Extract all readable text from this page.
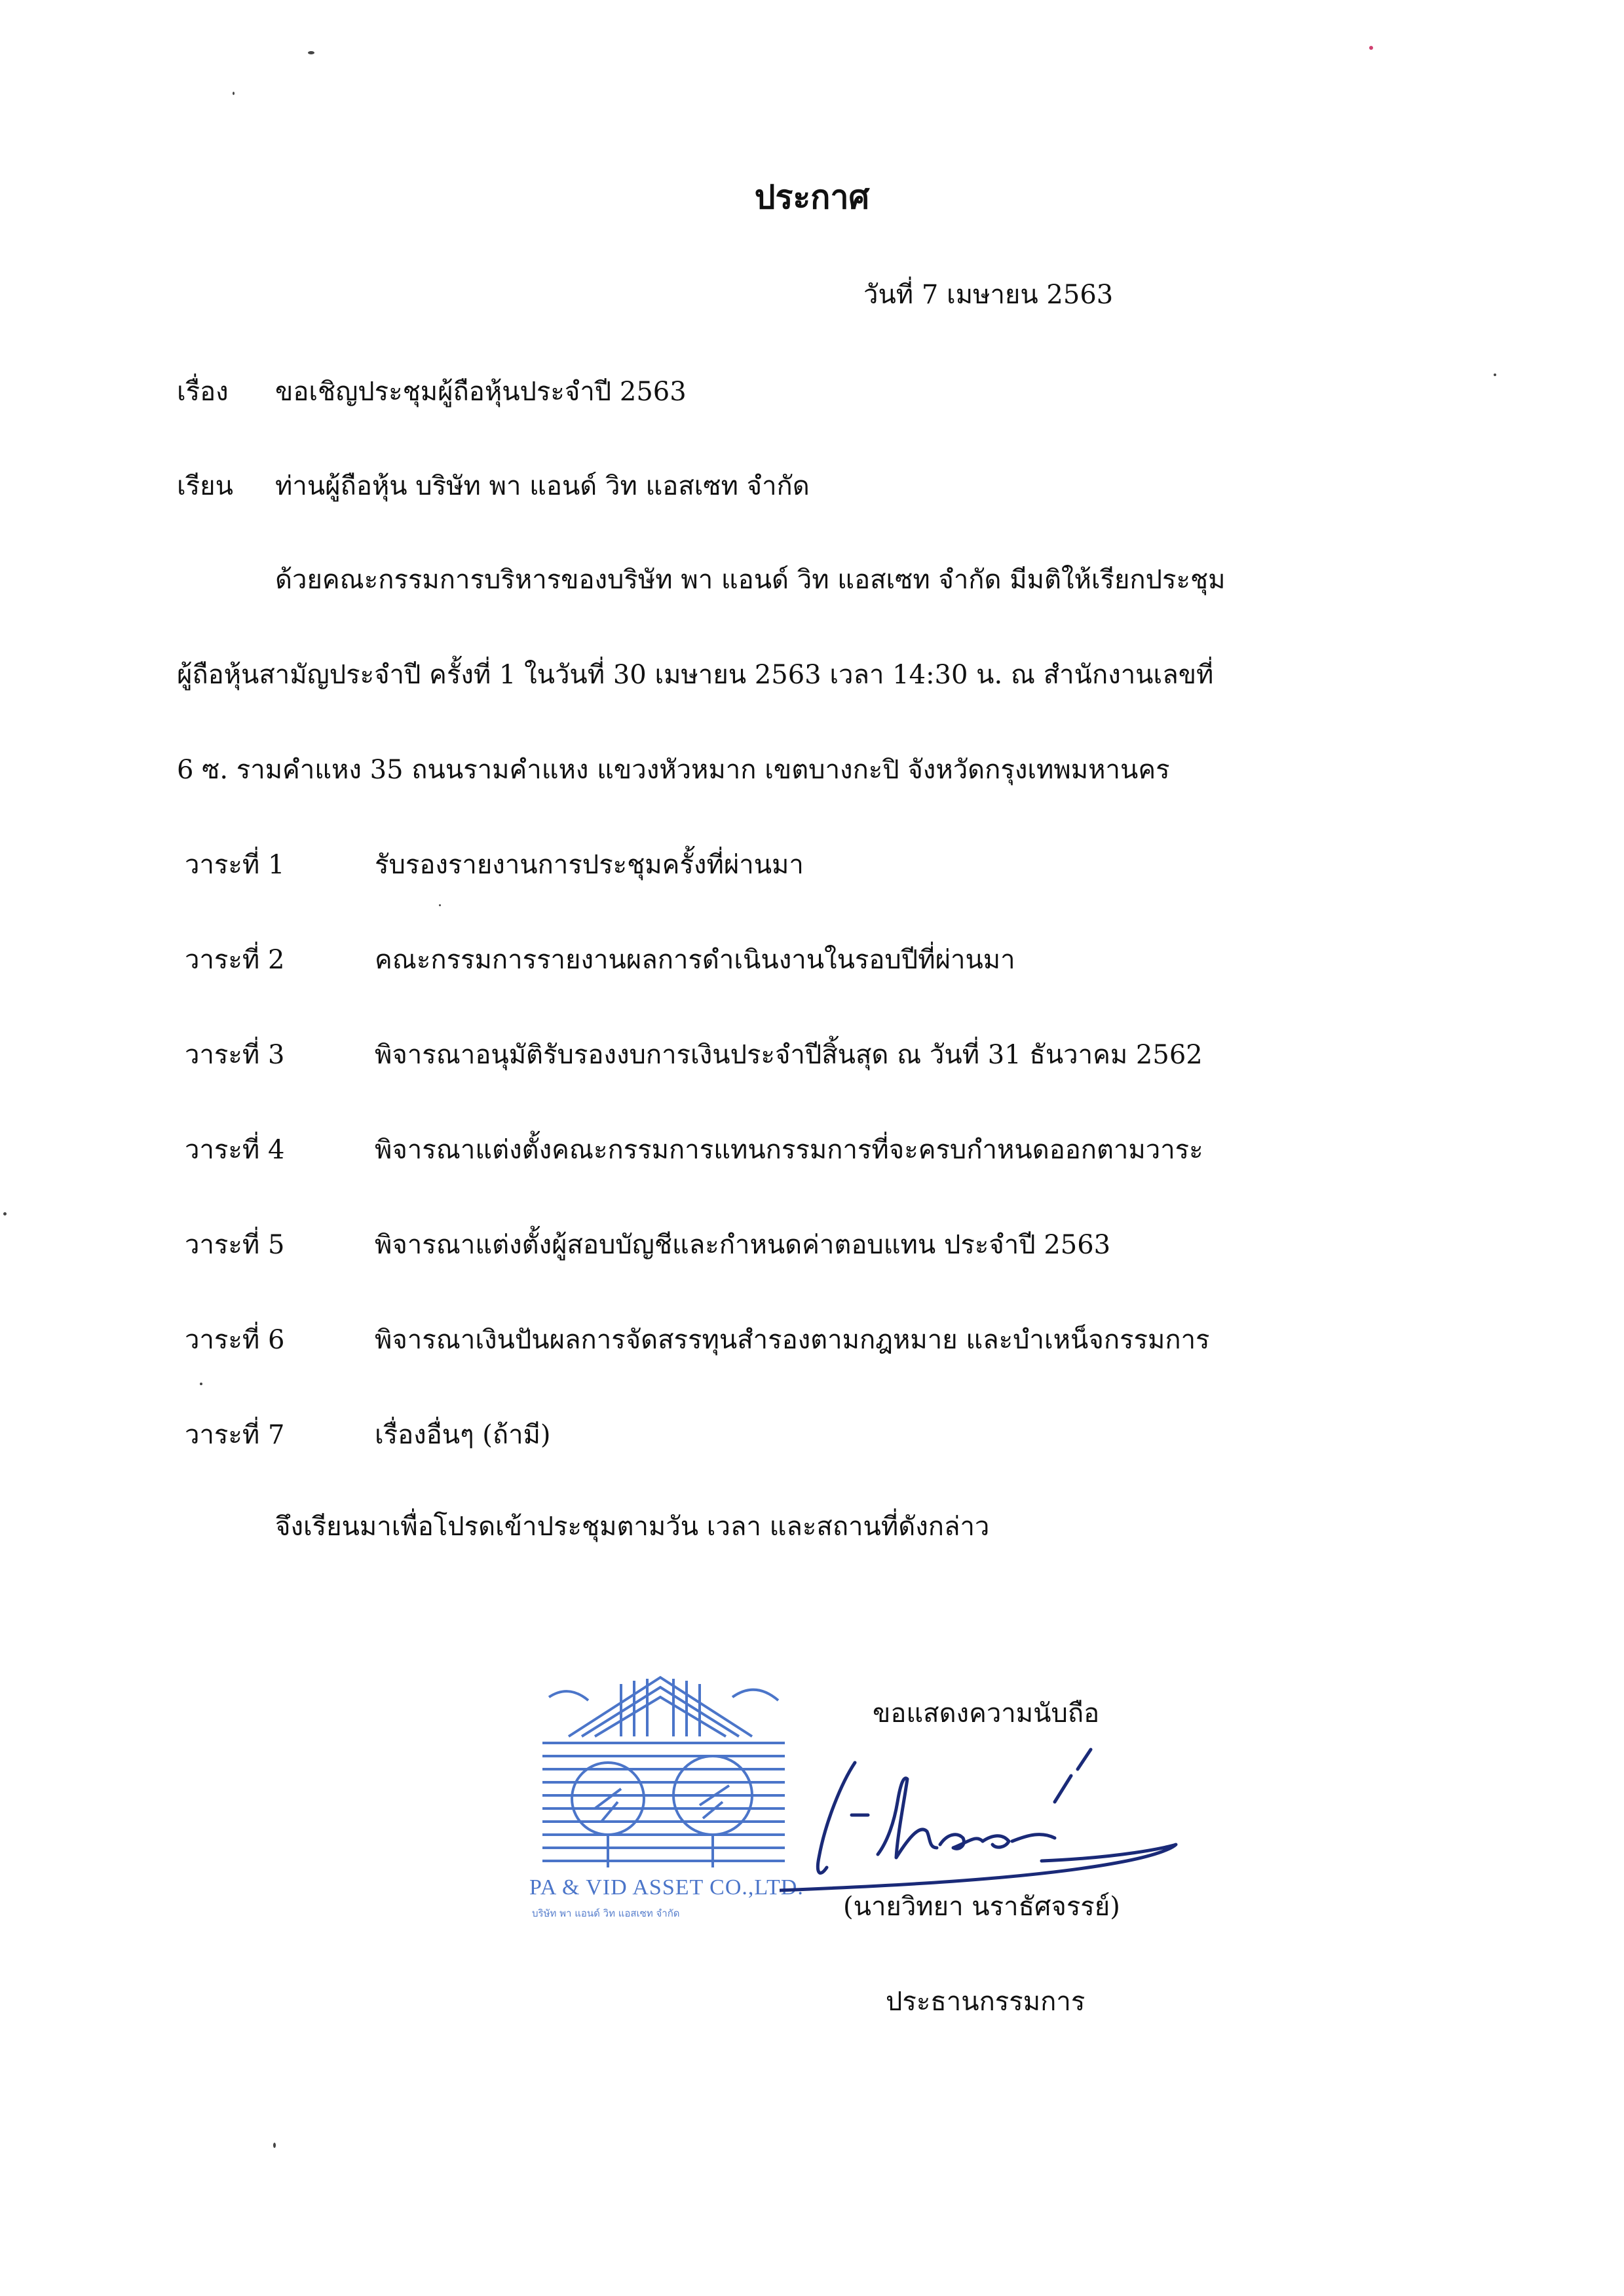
ประกาศ
วันที่ 7 เมษายน 2563
เรื่อง ขอเชิญประชุมผู้ถือหุ้นประจำปี 2563
เรียน ท่านผู้ถือหุ้น บริษัท พา แอนด์ วิท แอสเซท จำกัด
ด้วยคณะกรรมการบริหารของบริษัท พา แอนด์ วิท แอสเซท จำกัด มีมติให้เรียกประชุม
ผู้ถือหุ้นสามัญประจำปี ครั้งที่ 1 ในวันที่ 30 เมษายน 2563 เวลา 14:30 น. ณ สำนักงานเลขที่
6 ซ. รามคำแหง 35 ถนนรามคำแหง แขวงหัวหมาก เขตบางกะปิ จังหวัดกรุงเทพมหานคร
วาระที่ 1	รับรองรายงานการประชุมครั้งที่ผ่านมา
วาระที่ 2	คณะกรรมการรายงานผลการดำเนินงานในรอบปีที่ผ่านมา
วาระที่ 3	พิจารณาอนุมัติรับรองงบการเงินประจำปีสิ้นสุด ณ วันที่ 31 ธันวาคม 2562
วาระที่ 4	พิจารณาแต่งตั้งคณะกรรมการแทนกรรมการที่จะครบกำหนดออกตามวาระ
วาระที่ 5	พิจารณาแต่งตั้งผู้สอบบัญชีและกำหนดค่าตอบแทน ประจำปี 2563
วาระที่ 6	พิจารณาเงินปันผลการจัดสรรทุนสำรองตามกฎหมาย และบำเหน็จกรรมการ
วาระที่ 7	เรื่องอื่นๆ (ถ้ามี)
จึงเรียนมาเพื่อโปรดเข้าประชุมตามวัน เวลา และสถานที่ดังกล่าว
ขอแสดงความนับถือ
PA & VID ASSET CO.,LTD.
บริษัท พา แอนด์ วิท แอสเซท จำกัด	(นายวิทยา นราธัศจรรย์)
ประธานกรรมการ
